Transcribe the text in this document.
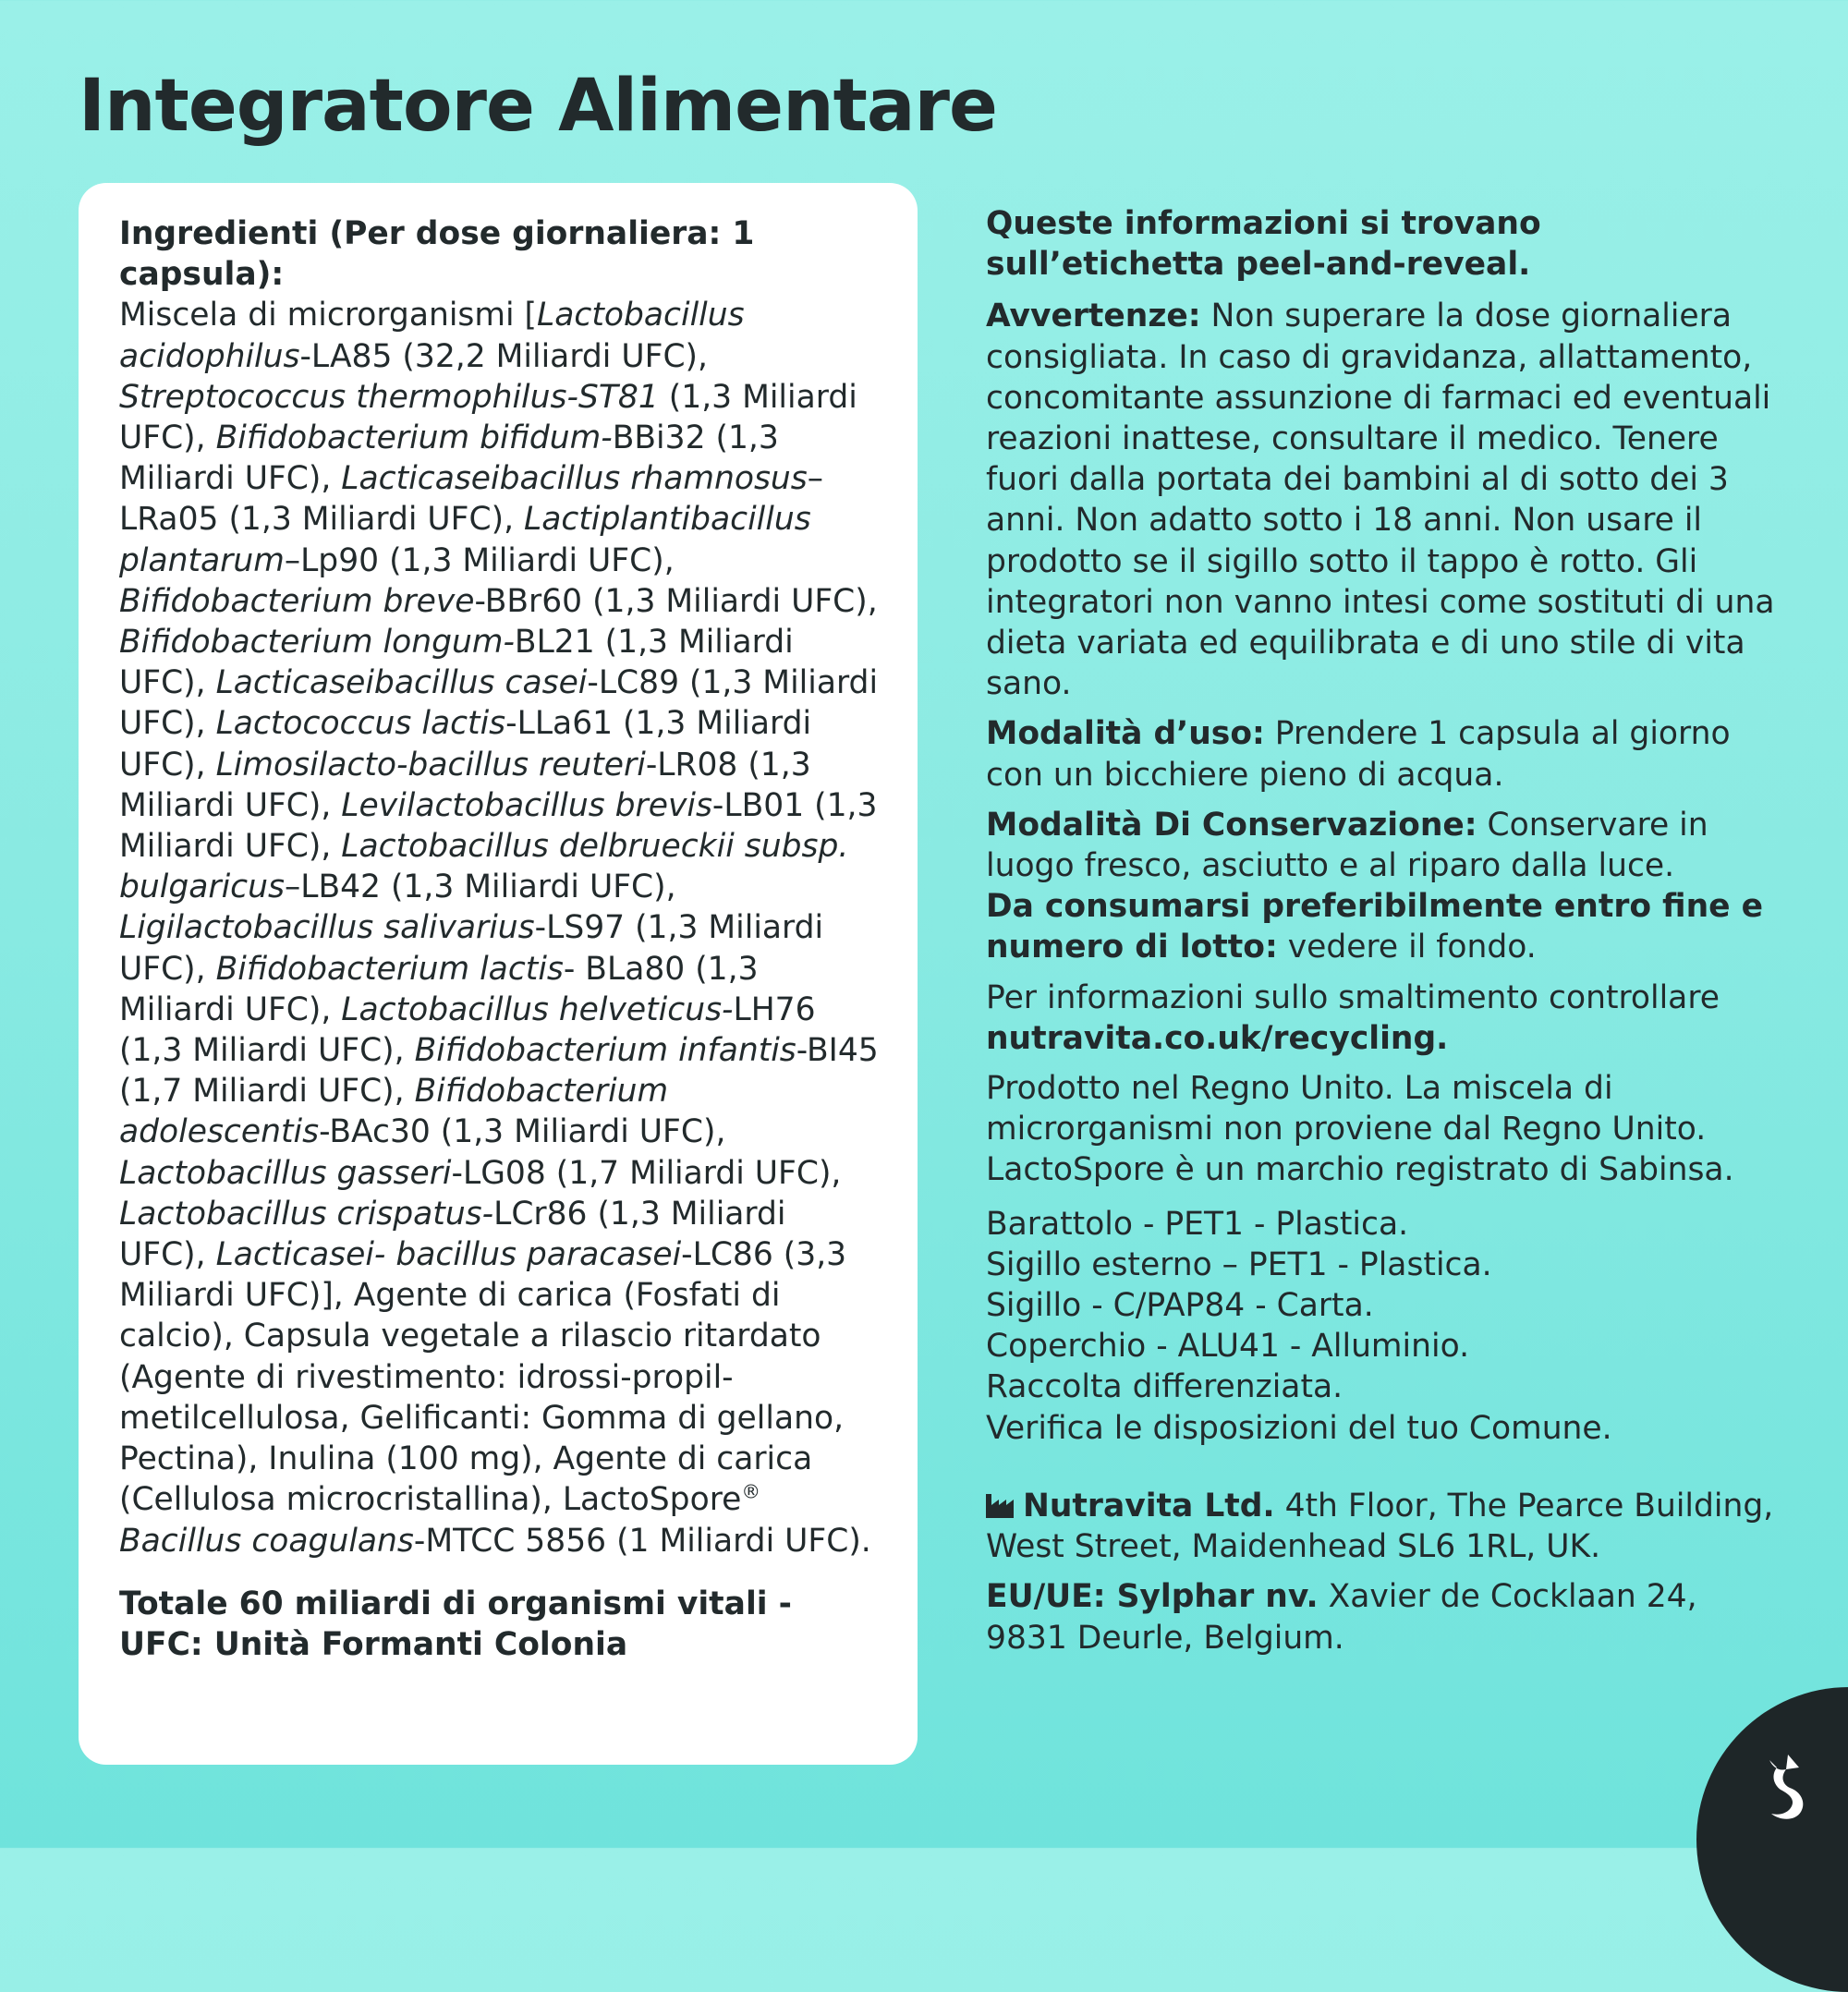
Integratore Alimentare

Ingredienti (Per dose giornaliera: 1 capsula):
Miscela di microrganismi [Lactobacillus acidophilus-LA85 (32,2 Miliardi UFC), Streptococcus thermophilus-ST81 (1,3 Miliardi UFC), Bifidobacterium bifidum-BBi32 (1,3 Miliardi UFC), Lacticaseibacillus rhamnosus–LRa05 (1,3 Miliardi UFC), Lactiplantibacillus plantarum–Lp90 (1,3 Miliardi UFC), Bifidobacterium breve-BBr60 (1,3 Miliardi UFC), Bifidobacterium longum-BL21 (1,3 Miliardi UFC), Lacticaseibacillus casei-LC89 (1,3 Miliardi UFC), Lactococcus lactis-LLa61 (1,3 Miliardi UFC), Limosilacto-bacillus reuteri-LR08 (1,3 Miliardi UFC), Levilactobacillus brevis-LB01 (1,3 Miliardi UFC), Lactobacillus delbrueckii subsp. bulgaricus–LB42 (1,3 Miliardi UFC), Ligilactobacillus salivarius-LS97 (1,3 Miliardi UFC), Bifidobacterium lactis- BLa80 (1,3 Miliardi UFC), Lactobacillus helveticus-LH76 (1,3 Miliardi UFC), Bifidobacterium infantis-BI45 (1,7 Miliardi UFC), Bifidobacterium adolescentis-BAc30 (1,3 Miliardi UFC), Lactobacillus gasseri-LG08 (1,7 Miliardi UFC), Lactobacillus crispatus-LCr86 (1,3 Miliardi UFC), Lacticasei- bacillus paracasei-LC86 (3,3 Miliardi UFC)], Agente di carica (Fosfati di calcio), Capsula vegetale a rilascio ritardato (Agente di rivestimento: idrossi-propil- metilcellulosa, Gelificanti: Gomma di gellano, Pectina), Inulina (100 mg), Agente di carica (Cellulosa microcristallina), LactoSpore® Bacillus coagulans-MTCC 5856 (1 Miliardi UFC).

Totale 60 miliardi di organismi vitali -
UFC: Unità Formanti Colonia

Queste informazioni si trovano sull’etichetta peel-and-reveal.

Avvertenze: Non superare la dose giornaliera consigliata. In caso di gravidanza, allattamento, concomitante assunzione di farmaci ed eventuali reazioni inattese, consultare il medico. Tenere fuori dalla portata dei bambini al di sotto dei 3 anni. Non adatto sotto i 18 anni. Non usare il prodotto se il sigillo sotto il tappo è rotto. Gli integratori non vanno intesi come sostituti di una dieta variata ed equilibrata e di uno stile di vita sano.

Modalità d’uso: Prendere 1 capsula al giorno con un bicchiere pieno di acqua.

Modalità Di Conservazione: Conservare in luogo fresco, asciutto e al riparo dalla luce.
Da consumarsi preferibilmente entro fine e numero di lotto: vedere il fondo.

Per informazioni sullo smaltimento controllare nutravita.co.uk/recycling.

Prodotto nel Regno Unito. La miscela di microrganismi non proviene dal Regno Unito. LactoSpore è un marchio registrato di Sabinsa.

Barattolo - PET1 - Plastica.
Sigillo esterno – PET1 - Plastica.
Sigillo - C/PAP84 - Carta.
Coperchio - ALU41 - Alluminio.
Raccolta differenziata.
Verifica le disposizioni del tuo Comune.

Nutravita Ltd. 4th Floor, The Pearce Building, West Street, Maidenhead SL6 1RL, UK.

EU/UE: Sylphar nv. Xavier de Cocklaan 24, 9831 Deurle, Belgium.
